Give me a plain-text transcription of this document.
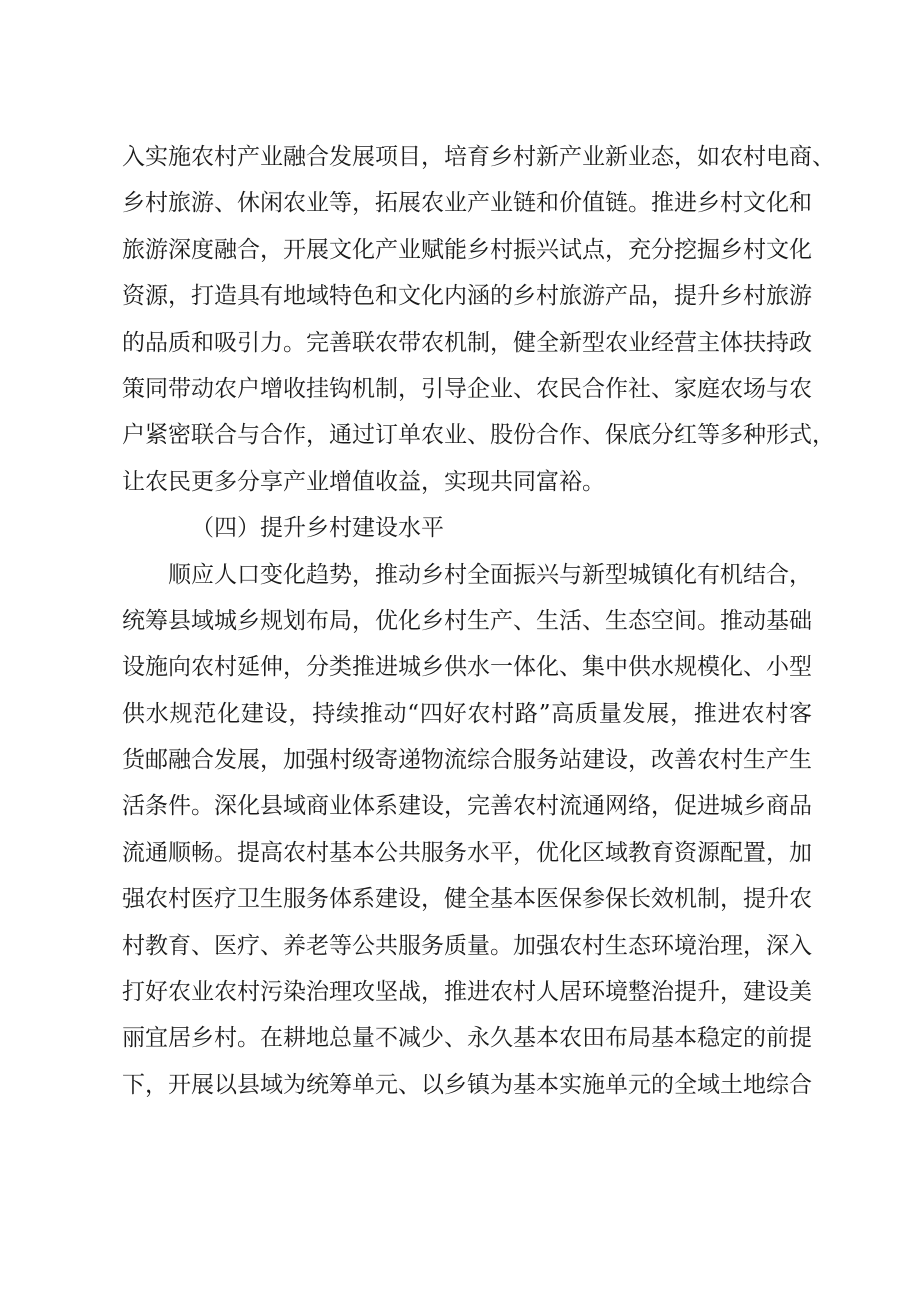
入实施农村产业融合发展项目，培育乡村新产业新业态，如农村电商、
乡村旅游、休闲农业等，拓展农业产业链和价值链。推进乡村文化和
旅游深度融合，开展文化产业赋能乡村振兴试点，充分挖掘乡村文化
资源，打造具有地域特色和文化内涵的乡村旅游产品，提升乡村旅游
的品质和吸引力。完善联农带农机制，健全新型农业经营主体扶持政
策同带动农户增收挂钩机制，引导企业、农民合作社、家庭农场与农
户紧密联合与合作，通过订单农业、股份合作、保底分红等多种形式，
让农民更多分享产业增值收益，实现共同富裕。
（四）提升乡村建设水平
顺应人口变化趋势，推动乡村全面振兴与新型城镇化有机结合，
统筹县域城乡规划布局，优化乡村生产、生活、生态空间。推动基础
设施向农村延伸，分类推进城乡供水一体化、集中供水规模化、小型
供水规范化建设，持续推动“四好农村路”高质量发展，推进农村客
货邮融合发展，加强村级寄递物流综合服务站建设，改善农村生产生
活条件。深化县域商业体系建设，完善农村流通网络，促进城乡商品
流通顺畅。提高农村基本公共服务水平，优化区域教育资源配置，加
强农村医疗卫生服务体系建设，健全基本医保参保长效机制，提升农
村教育、医疗、养老等公共服务质量。加强农村生态环境治理，深入
打好农业农村污染治理攻坚战，推进农村人居环境整治提升，建设美
丽宜居乡村。在耕地总量不减少、永久基本农田布局基本稳定的前提
下，开展以县域为统筹单元、以乡镇为基本实施单元的全域土地综合
